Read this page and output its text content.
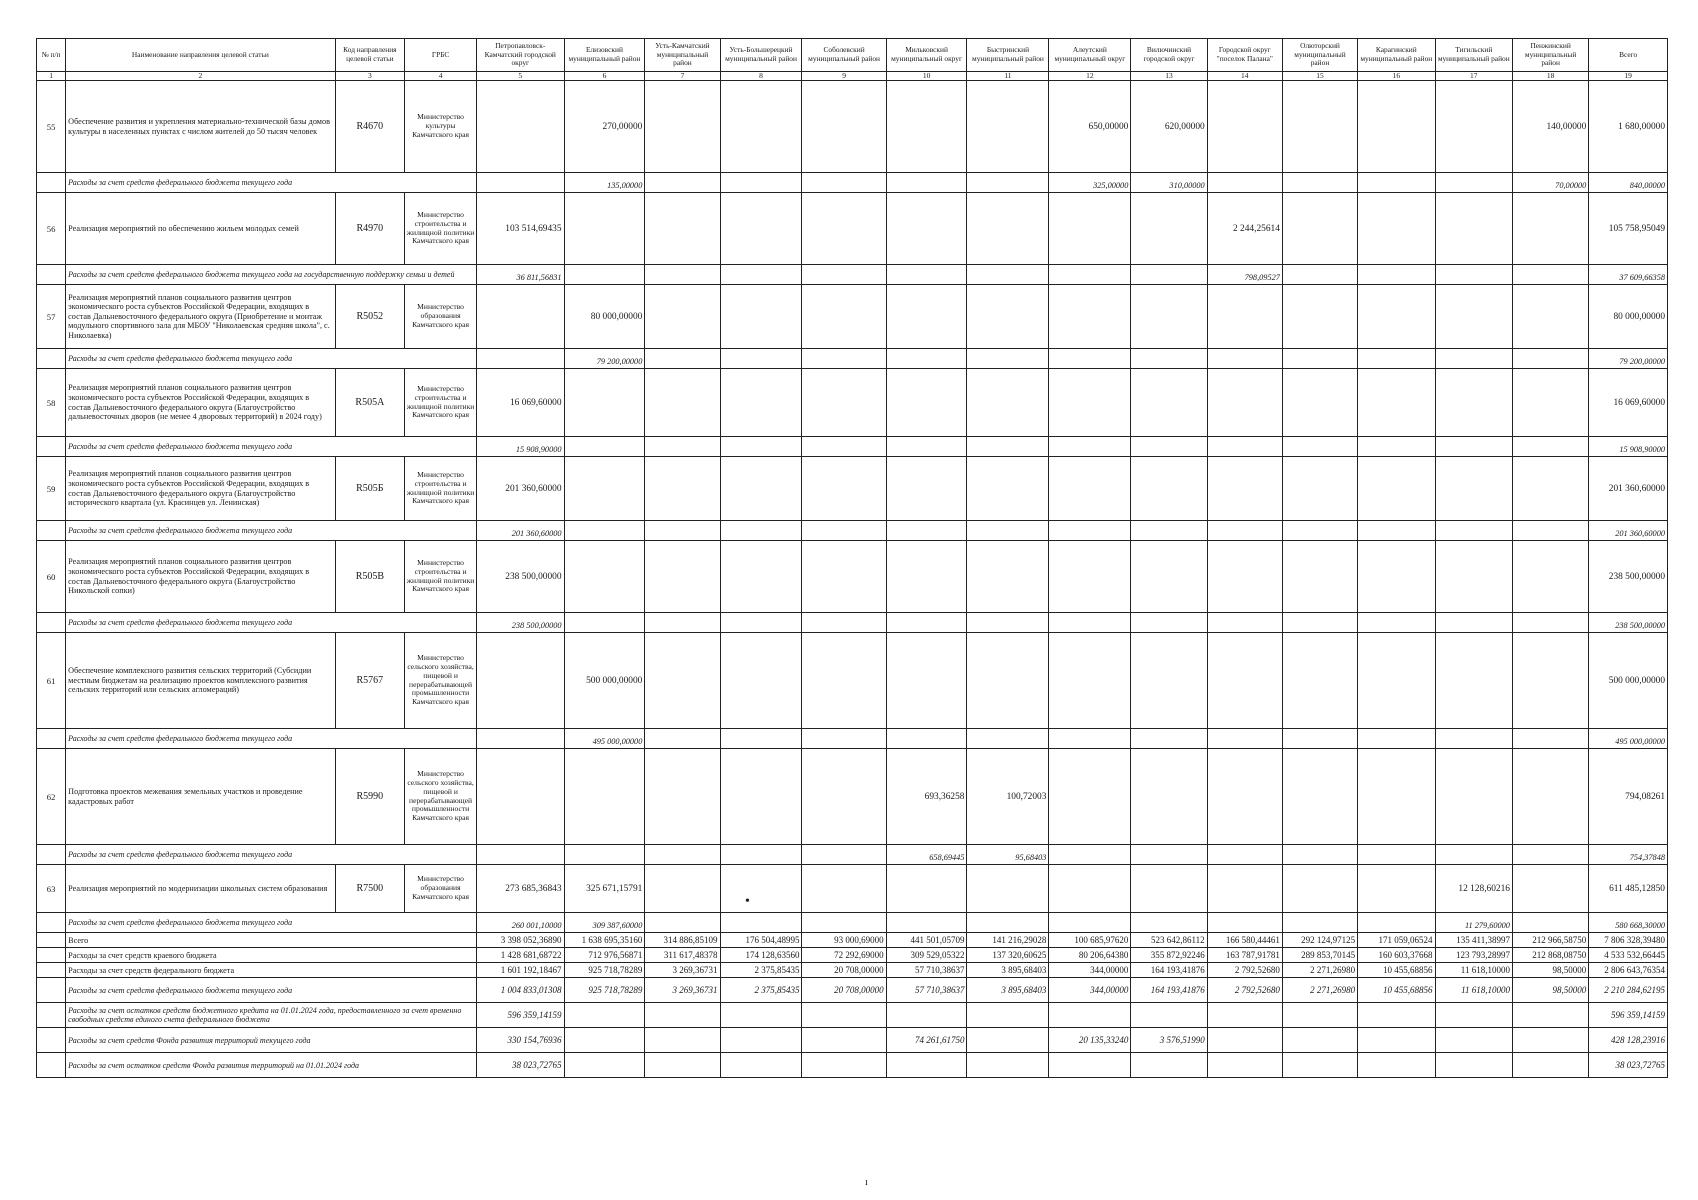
№ п/п	Наименование направления целевой статьи	Код направления целевой статьи	ГРБС	Петропавловск-Камчатский городской округ	Елизовский муниципальный район	Усть-Камчатский муниципальный район	Усть-Большерецкий муниципальный район	Соболевский муниципальный район	Мильковский муниципальный округ	Быстринский муниципальный район	Алеутский муниципальный округ	Вилючинский городской округ	Городской округ "поселок Палана"	Олюторский муниципальный район	Карагинский муниципальный район	Тигильский муниципальный район	Пенжинский муниципальный район	Всего
1	2	3	4	5	6	7	8	9	10	11	12	13	14	15	16	17	18	19
55	Обеспечение развития и укрепления материально-технической базы домов культуры в населенных пунктах с числом жителей до 50 тысяч человек	R4670	Министерство культуры Камчатского края		270,00000						650,00000	620,00000					140,00000	1 680,00000
	Расходы за счет средств федерального бюджета текущего года				135,00000						325,00000	310,00000					70,00000	840,00000
56	Реализация мероприятий по обеспечению жильем молодых семей	R4970	Министерство строительства и жилищной политики Камчатского края	103 514,69435									2 244,25614					105 758,95049
	Расходы за счет средств федерального бюджета текущего года на государственную поддержку семьи и детей			36 811,56831									798,09527					37 609,66358
57	Реализация мероприятий планов социального развития центров экономического роста субъектов Российской Федерации, входящих в состав Дальневосточного федерального округа (Приобретение и монтаж модульного спортивного зала для МБОУ "Николаевская средняя школа", с. Николаевка)	R5052	Министерство образования Камчатского края		80 000,00000													80 000,00000
	Расходы за счет средств федерального бюджета текущего года				79 200,00000													79 200,00000
58	Реализация мероприятий планов социального развития центров экономического роста субъектов Российской Федерации, входящих в состав Дальневосточного федерального округа (Благоустройство дальневосточных дворов (не менее 4 дворовых территорий) в 2024 году)	R505А	Министерство строительства и жилищной политики Камчатского края	16 069,60000														16 069,60000
	Расходы за счет средств федерального бюджета текущего года			15 908,90000														15 908,90000
59	Реализация мероприятий планов социального развития центров экономического роста субъектов Российской Федерации, входящих в состав Дальневосточного федерального округа (Благоустройство исторического квартала (ул. Красинцев ул. Ленинская)	R505Б	Министерство строительства и жилищной политики Камчатского края	201 360,60000														201 360,60000
	Расходы за счет средств федерального бюджета текущего года			201 360,60000														201 360,60000
60	Реализация мероприятий планов социального развития центров экономического роста субъектов Российской Федерации, входящих в состав Дальневосточного федерального округа (Благоустройство Никольской сопки)	R505В	Министерство строительства и жилищной политики Камчатского края	238 500,00000														238 500,00000
	Расходы за счет средств федерального бюджета текущего года			238 500,00000														238 500,00000
61	Обеспечение комплексного развития сельских территорий (Субсидии местным бюджетам на реализацию проектов комплексного развития сельских территорий или сельских агломераций)	R5767	Министерство сельского хозяйства, пищевой и перерабатывающей промышленности Камчатского края		500 000,00000													500 000,00000
	Расходы за счет средств федерального бюджета текущего года				495 000,00000													495 000,00000
62	Подготовка проектов межевания земельных участков и проведение кадастровых работ	R5990	Министерство сельского хозяйства, пищевой и перерабатывающей промышленности Камчатского края						693,36258	100,72003								794,08261
	Расходы за счет средств федерального бюджета текущего года								658,69445	95,68403								754,37848
63	Реализация мероприятий по модернизации школьных систем образования	R7500	Министерство образования Камчатского края	273 685,36843	325 671,15791											12 128,60216		611 485,12850
	Расходы за счет средств федерального бюджета текущего года			260 001,10000	309 387,60000											11 279,60000		580 668,30000
	Всего			3 398 052,36890	1 638 695,35160	314 886,85109	176 504,48995	93 000,69000	441 501,05709	141 216,29028	100 685,97620	523 642,86112	166 580,44461	292 124,97125	171 059,06524	135 411,38997	212 966,58750	7 806 328,39480
	Расходы за счет средств краевого бюджета			1 428 681,68722	712 976,56871	311 617,48378	174 128,63560	72 292,69000	309 529,05322	137 320,60625	80 206,64380	355 872,92246	163 787,91781	289 853,70145	160 603,37668	123 793,28997	212 868,08750	4 533 532,66445
	Расходы за счет средств федерального бюджета			1 601 192,18467	925 718,78289	3 269,36731	2 375,85435	20 708,00000	57 710,38637	3 895,68403	344,00000	164 193,41876	2 792,52680	2 271,26980	10 455,68856	11 618,10000	98,50000	2 806 643,76354
	Расходы за счет средств федерального бюджета текущего года			1 004 833,01308	925 718,78289	3 269,36731	2 375,85435	20 708,00000	57 710,38637	3 895,68403	344,00000	164 193,41876	2 792,52680	2 271,26980	10 455,68856	11 618,10000	98,50000	2 210 284,62195
	Расходы за счет остатков средств бюджетного кредита на 01.01.2024 года, предоставленного за счет временно свободных средств единого счета федерального бюджета			596 359,14159														596 359,14159
	Расходы за счет средств Фонда развития территорий текущего года			330 154,76936					74 261,61750		20 135,33240	3 576,51990						428 128,23916
	Расходы за счет остатков средств Фонда развития территорий на 01.01.2024 года			38 023,72765														38 023,72765
•
ı
